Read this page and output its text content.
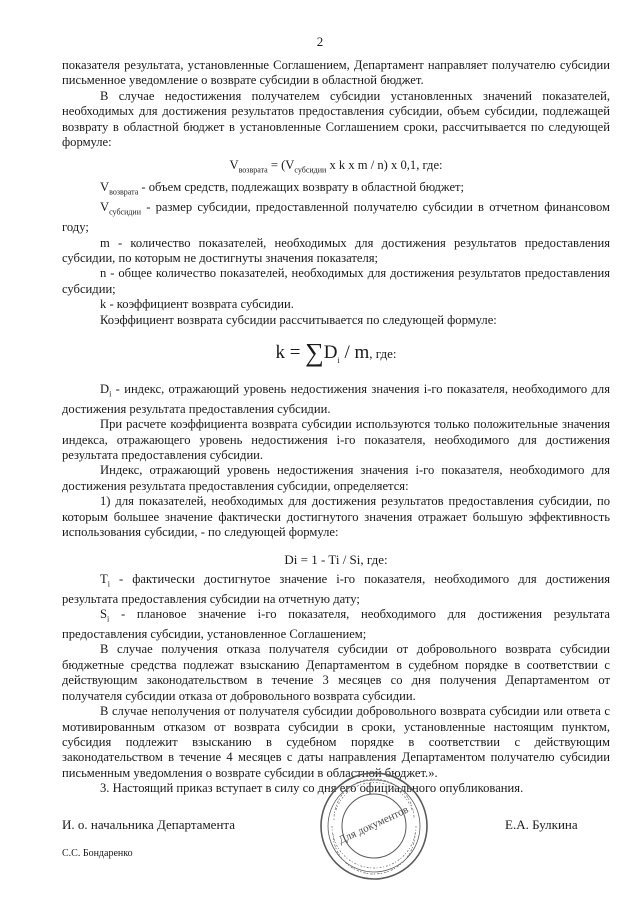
2

показателя результата, установленные Соглашением, Департамент направляет получателю субсидии письменное уведомление о возврате субсидии в областной бюджет.

В случае недостижения получателем субсидии установленных значений показателей, необходимых для достижения результатов предоставления субсидии, объем субсидии, подлежащей возврату в областной бюджет в установленные Соглашением сроки, рассчитывается по следующей формуле:

$V_{возврата} = (V_{субсидии}$ x k x m / n) x 0,1, где:

$V_{возврата}$ - объем средств, подлежащих возврату в областной бюджет;

$V_{субсидии}$ - размер субсидии, предоставленной получателю субсидии в отчетном финансовом году;

m - количество показателей, необходимых для достижения результатов предоставления субсидии, по которым не достигнуты значения показателя;

n - общее количество показателей, необходимых для достижения результатов предоставления субсидии;

k - коэффициент возврата субсидии.

Коэффициент возврата субсидии рассчитывается по следующей формуле:

$k = \sum D_i / m$, где:

$D_i$ - индекс, отражающий уровень недостижения значения i-го показателя, необходимого для достижения результата предоставления субсидии.

При расчете коэффициента возврата субсидии используются только положительные значения индекса, отражающего уровень недостижения i-го показателя, необходимого для достижения результата предоставления субсидии.

Индекс, отражающий уровень недостижения значения i-го показателя, необходимого для достижения результата предоставления субсидии, определяется:

1) для показателей, необходимых для достижения результатов предоставления субсидии, по которым большее значение фактически достигнутого значения отражает большую эффективность использования субсидии, - по следующей формуле:

Di = 1 - Ti / Si, где:

$T_i$ - фактически достигнутое значение i-го показателя, необходимого для достижения результата предоставления субсидии на отчетную дату;

$S_i$ - плановое значение i-го показателя, необходимого для достижения результата предоставления субсидии, установленное Соглашением;

В случае получения отказа получателя субсидии от добровольного возврата субсидии бюджетные средства подлежат взысканию Департаментом в судебном порядке в соответствии с действующим законодательством в течение 3 месяцев со дня получения Департаментом от получателя субсидии отказа от добровольного возврата субсидии.

В случае неполучения от получателя субсидии добровольного возврата субсидии или ответа с мотивированным отказом от возврата субсидии в сроки, установленные настоящим пунктом, субсидия подлежит взысканию в судебном порядке в соответствии с действующим законодательством в течение 4 месяцев с даты направления Департаментом получателю субсидии письменным уведомления о возврате субсидии в областной бюджет.».

3. Настоящий приказ вступает в силу со дня его официального опубликования.

И. о. начальника Департамента	Е.А. Булкина
С.С. Бондаренко
Для документов
